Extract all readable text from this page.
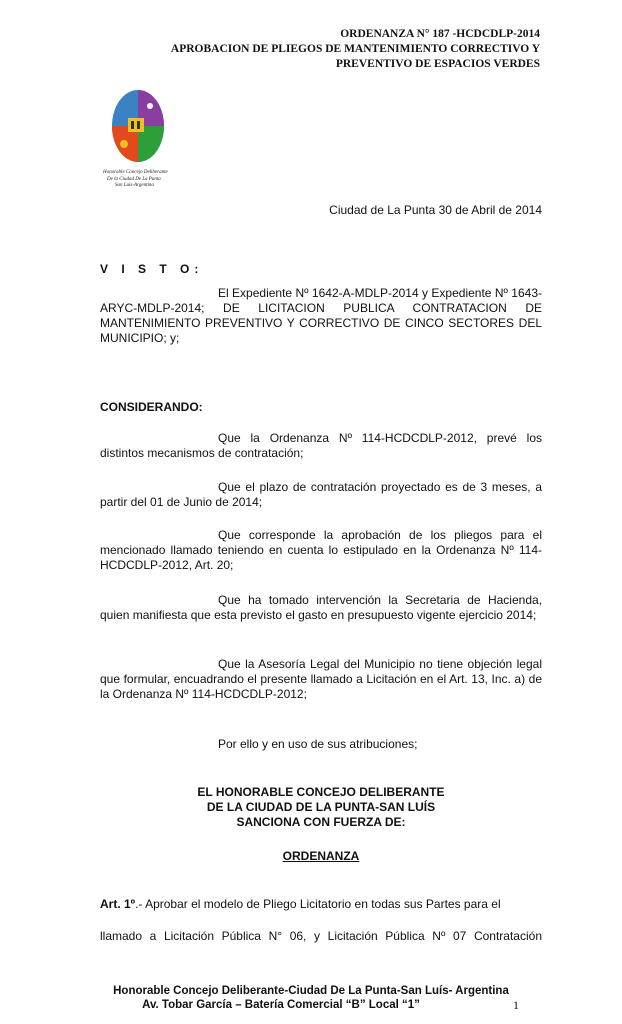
ORDENANZA N° 187 -HCDCDLP-2014
APROBACION DE PLIEGOS DE MANTENIMIENTO CORRECTIVO Y
PREVENTIVO DE ESPACIOS VERDES
Honorable Concejo Deliberante
De la Ciudad De La Punta
San Luis-Argentina
Ciudad de La Punta 30 de Abril de 2014
V I S T O:
El Expediente Nº 1642-A-MDLP-2014 y Expediente Nº 1643-ARYC-MDLP-2014; DE LICITACION PUBLICA CONTRATACION DE MANTENIMIENTO PREVENTIVO Y CORRECTIVO DE CINCO SECTORES DEL MUNICIPIO; y;
CONSIDERANDO:
Que la Ordenanza Nº 114-HCDCDLP-2012, prevé los distintos mecanismos de contratación;
Que el plazo de contratación proyectado es de 3 meses, a partir del 01 de Junio de 2014;
Que corresponde la aprobación de los pliegos para el mencionado llamado teniendo en cuenta lo estipulado en la Ordenanza Nº 114-HCDCDLP-2012, Art. 20;
Que ha tomado intervención la Secretaria de Hacienda, quien manifiesta que esta previsto el gasto en presupuesto vigente ejercicio 2014;
Que la Asesoría Legal del Municipio no tiene objeción legal que formular, encuadrando el presente llamado a Licitación en el Art. 13, Inc. a) de la Ordenanza Nº 114-HCDCDLP-2012;
Por ello y en uso de sus atribuciones;
EL HONORABLE CONCEJO DELIBERANTE
DE LA CIUDAD DE LA PUNTA-SAN LUÍS
SANCIONA CON FUERZA DE:
ORDENANZA
Art. 1º.- Aprobar el modelo de Pliego Licitatorio en todas sus Partes para el
llamado a Licitación Pública N° 06, y Licitación Pública Nº 07 Contratación
Honorable Concejo Deliberante-Ciudad De La Punta-San Luís- Argentina
Av. Tobar García – Batería Comercial “B” Local “1”	1
